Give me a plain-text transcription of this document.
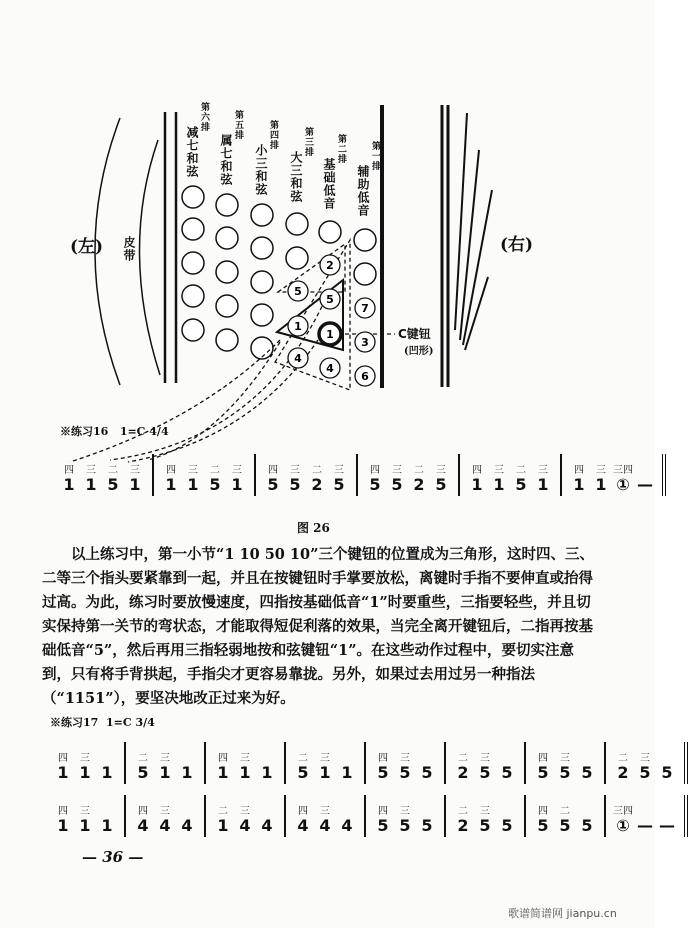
5
1
4
2
5
1
4
7
3
6
(左)	(右)
皮带
第六排
减七和弦
第五排
属七和弦	第四排
小三和弦
第三排
大三和弦
第二排
基础低音
第一排
辅助低音
C键钮
(凹形)
※练习16 1=C 4/4
四
1
三
1
二
5
三
1
四
1
三
1
二
5
三
1
四
5
三
5
二
2
三
5
四
5
三
5
二
2
三
5
四
1
三
1
二
5
三
1
四
1
三
1
三四
① —
图 26
以上练习中，第一小节“1 10 50 10”三个键钮的位置成为三角形，这时四、三、二等三个指头要紧靠到一起，并且在按键钮时手掌要放松，离键时手指不要伸直或抬得过高。为此，练习时要放慢速度，四指按基础低音“1”时要重些，三指要轻些，并且切实保持第一关节的弯状态，才能取得短促利落的效果，当完全离开键钮后，二指再按基础低音“5”，然后再用三指轻弱地按和弦键钮“1”。在这些动作过程中，要切实注意到，只有将手背拱起，手指尖才更容易靠拢。另外，如果过去用过另一种指法（“1151”），要坚决地改正过来为好。
※练习17 1=C 3/4
四
1
三
1 1
二
5
三
1 1
四
1
三
1 1
二
5
三
1 1
四
5
三
5 5
二
2
三
5 5
四
5
三
5 5
二
2
三
5 5
四
1
三
1 1
四
4
三
4 4
二
1
三
4 4
四
4
三
4 4
四
5
三
5 5
二
2
三
5 5
四
5
二
5 5
三四
① — —
— 36 —
歌谱简谱网 jianpu.cn
